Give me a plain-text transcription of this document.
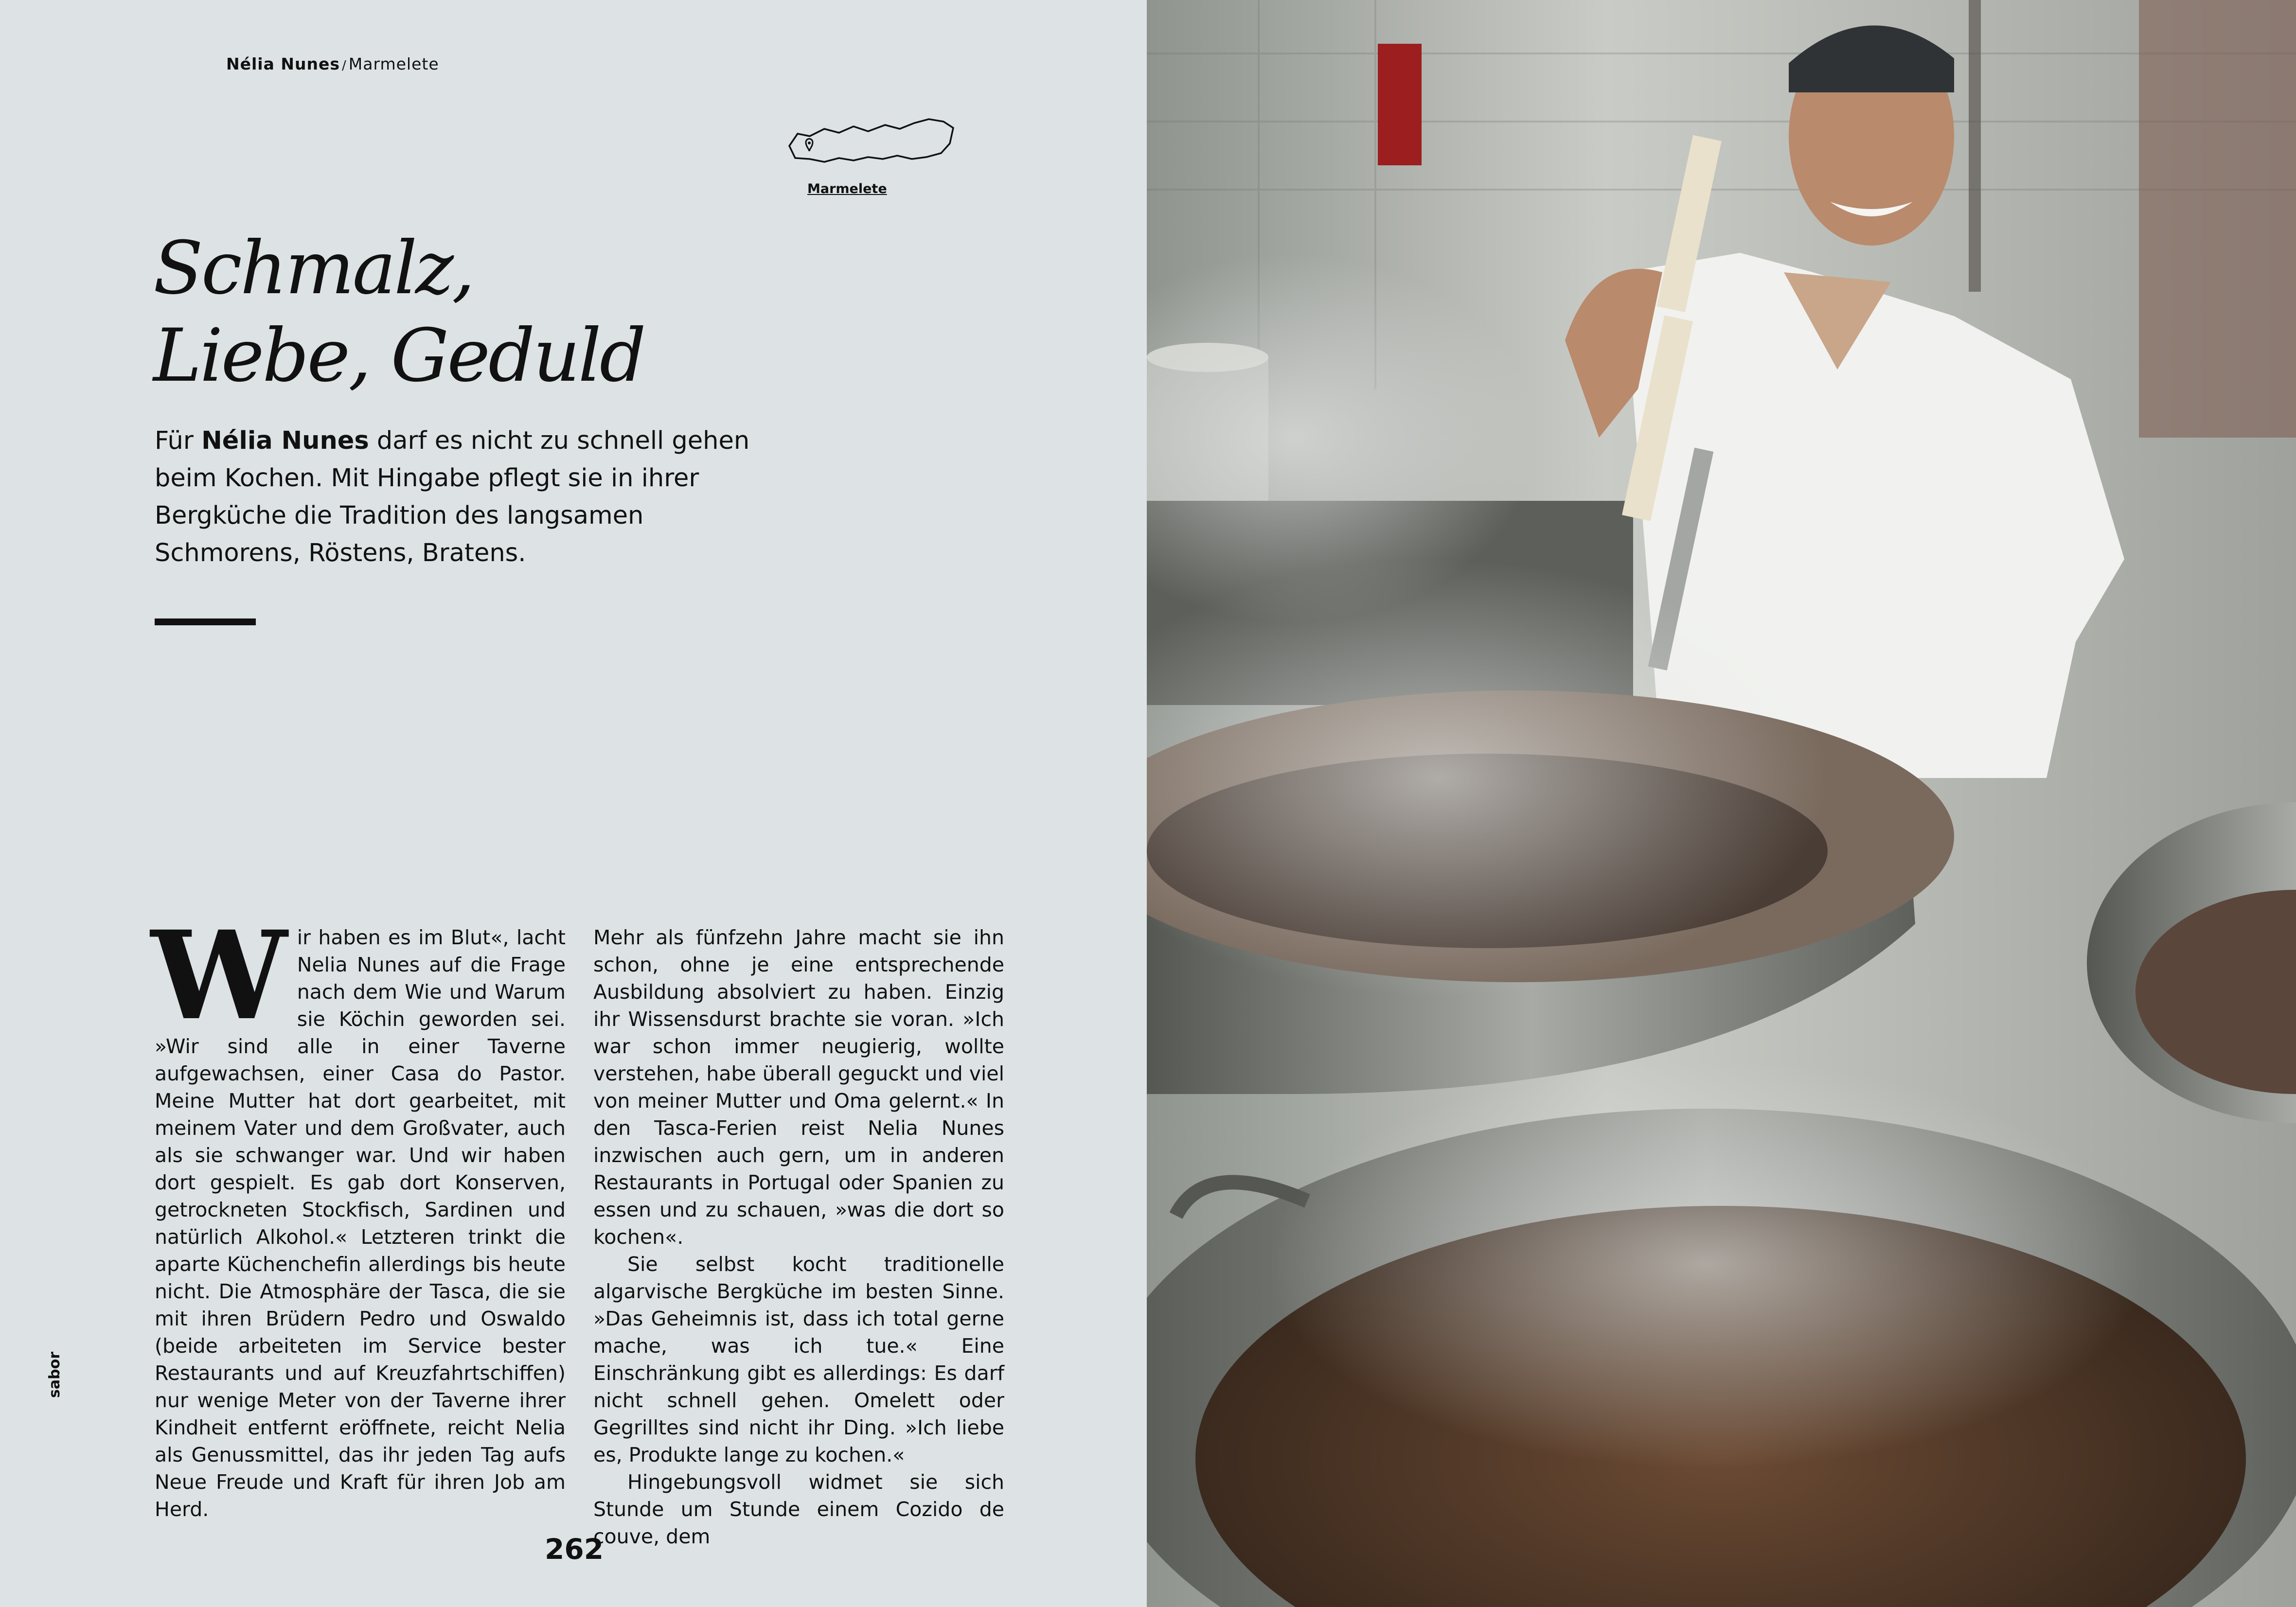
Nélia Nunes / Marmelete
Marmelete
Schmalz,
Liebe, Geduld
Für Nélia Nunes darf es nicht zu schnell gehen beim Kochen. Mit Hingabe pflegt sie in ihrer Bergküche die Tradition des langsamen Schmorens, Röstens, Bratens.

Wir haben es im Blut«, lacht Nelia Nunes auf die Frage nach dem Wie und Warum sie Köchin geworden sei. »Wir sind alle in einer Taverne aufgewachsen, einer Casa do Pastor. Meine Mutter hat dort gearbeitet, mit meinem Vater und dem Großvater, auch als sie schwanger war. Und wir haben dort gespielt. Es gab dort Konserven, getrockneten Stockfisch, Sardinen und natürlich Alkohol.« Letzteren trinkt die aparte Küchenchefin allerdings bis heute nicht. Die Atmosphäre der Tasca, die sie mit ihren Brüdern Pedro und Oswaldo (beide arbeiteten im Service bester Restaurants und auf Kreuzfahrtschiffen) nur wenige Meter von der Taverne ihrer Kindheit entfernt eröffnete, reicht Nelia als Genussmittel, das ihr jeden Tag aufs Neue Freude und Kraft für ihren Job am Herd.

Mehr als fünfzehn Jahre macht sie ihn schon, ohne je eine entsprechende Ausbildung absolviert zu haben. Einzig ihr Wissensdurst brachte sie voran. »Ich war schon immer neugierig, wollte verstehen, habe überall geguckt und viel von meiner Mutter und Oma gelernt.« In den Tasca-Ferien reist Nelia Nunes inzwischen auch gern, um in anderen Restaurants in Portugal oder Spanien zu essen und zu schauen, »was die dort so kochen«.

Sie selbst kocht traditionelle algarvische Bergküche im besten Sinne. »Das Geheimnis ist, dass ich total gerne mache, was ich tue.« Eine Einschränkung gibt es allerdings: Es darf nicht schnell gehen. Omelett oder Gegrilltes sind nicht ihr Ding. »Ich liebe es, Produkte lange zu kochen.«

Hingebungsvoll widmet sie sich Stunde um Stunde einem Cozido de couve, dem

sabor
262
